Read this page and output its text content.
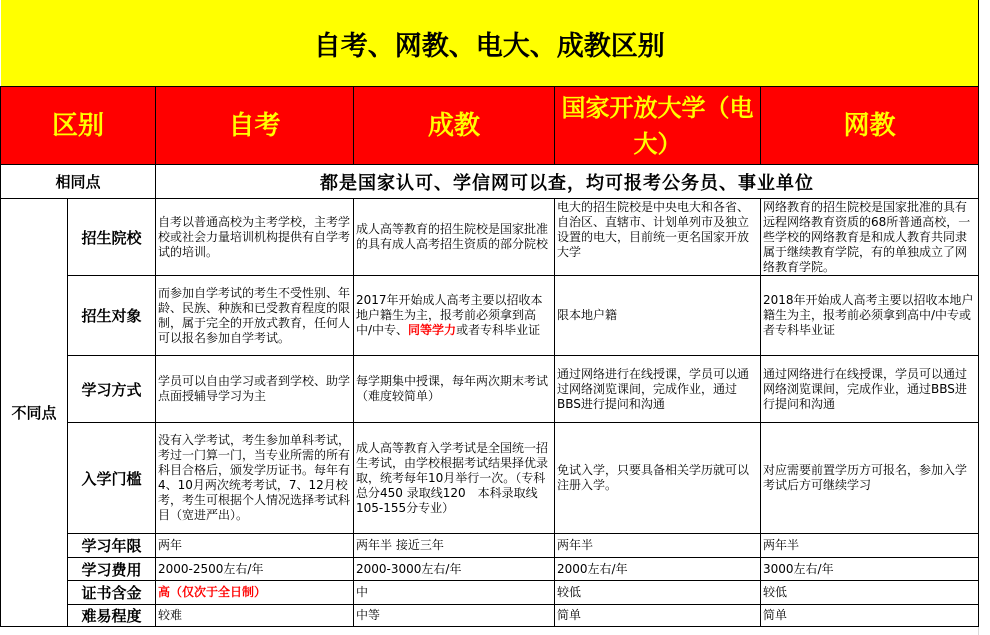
自考、网教、电大、成教区别					
区别		自考	成教	国家开放大学（电大）	网教
相同点		都是国家认可、学信网可以查，均可报考公务员、事业单位			
不同点	招生院校	自考以普通高校为主考学校，主考学校或社会力量培训机构提供有自学考试的培训。	成人高等教育的招生院校是国家批准的具有成人高考招生资质的部分院校	电大的招生院校是中央电大和各省、自治区、直辖市、计划单列市及独立设置的电大，目前统一更名国家开放大学	网络教育的招生院校是国家批准的具有远程网络教育资质的68所普通高校，一些学校的网络教育是和成人教育共同隶属于继续教育学院，有的单独成立了网络教育学院。
	招生对象	而参加自学考试的考生不受性别、年龄、民族、种族和已受教育程度的限制，属于完全的开放式教育，任何人可以报名参加自学考试。	2017年开始成人高考主要以招收本地户籍生为主，报考前必须拿到高中/中专、同等学力或者专科毕业证	限本地户籍	2018年开始成人高考主要以招收本地户籍生为主，报考前必须拿到高中/中专或者专科毕业证
	学习方式	学员可以自由学习或者到学校、助学点面授辅导学习为主	每学期集中授课，每年两次期末考试（难度较简单）	通过网络进行在线授课，学员可以通过网络浏览课间，完成作业，通过BBS进行提问和沟通	通过网络进行在线授课，学员可以通过网络浏览课间，完成作业，通过BBS进行提问和沟通
	入学门槛	没有入学考试，考生参加单科考试，考过一门算一门，当专业所需的所有科目合格后，颁发学历证书。每年有4、10月两次统考考试，7、12月校考，考生可根据个人情况选择考试科目（宽进严出）。	成人高等教育入学考试是全国统一招生考试，由学校根据考试结果择优录取，统考每年10月举行一次。（专科总分450 录取线120　本科录取线105-155分专业）	免试入学，只要具备相关学历就可以注册入学。	对应需要前置学历方可报名，参加入学考试后方可继续学习
	学习年限	两年	两年半 接近三年	两年半	两年半
	学习费用	2000-2500左右/年	2000-3000左右/年	2000左右/年	3000左右/年
	证书含金	高（仅次于全日制）	中	较低	较低
	难易程度	较难	中等	简单	简单
